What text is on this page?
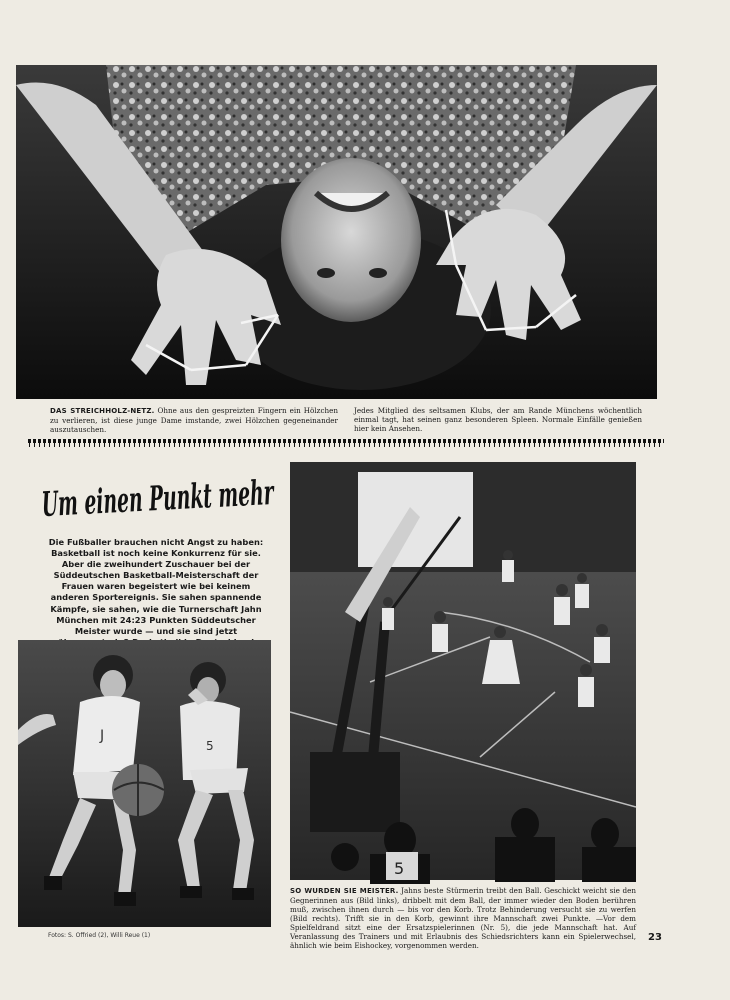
DAS STREICHHOLZ-NETZ. Ohne aus den gespreizten Fingern ein Hölzchen zu verlieren, ist diese junge Dame imstande, zwei Hölzchen gegeneinander auszutauschen.
Jedes Mitglied des seltsamen Klubs, der am Rande Münchens wöchentlich einmal tagt, hat seinen ganz besonderen Spleen. Normale Einfälle genießen hier kein Ansehen.
Um einen Punkt mehr
Die Fußballer brauchen nicht Angst zu haben: Basketball ist noch keine Konkurrenz für sie. Aber die zweihundert Zuschauer bei der Süddeutschen Basketball-Meisterschaft der Frauen waren begeistert wie bei keinem anderen Sportereignis. Sie sahen spannende Kämpfe, sie sahen, wie die Turnerschaft Jahn München mit 24:23 Punkten Süddeutscher Meister wurde — und sie sind jetzt
J
5
5
SO WURDEN SIE MEISTER. Jahns beste Stürmerin treibt den Ball. Geschickt weicht sie den Gegnerinnen aus (Bild links), dribbelt mit dem Ball, der immer wieder den Boden berühren muß, zwischen ihnen durch — bis vor den Korb. Trotz Behinderung versucht sie zu werfen (Bild rechts). Trifft sie in den Korb, gewinnt ihre Mannschaft zwei Punkte. —Vor dem Spielfeldrand sitzt eine der Ersatzspielerinnen (Nr. 5), die jede Mannschaft hat. Auf Veranlassung des Trainers und mit Erlaubnis des Schiedsrichters kann ein Spielerwechsel, ähnlich wie beim Eishockey, vorgenommen werden.
Fotos: S. Offried (2), Willi Reue (1)	23
